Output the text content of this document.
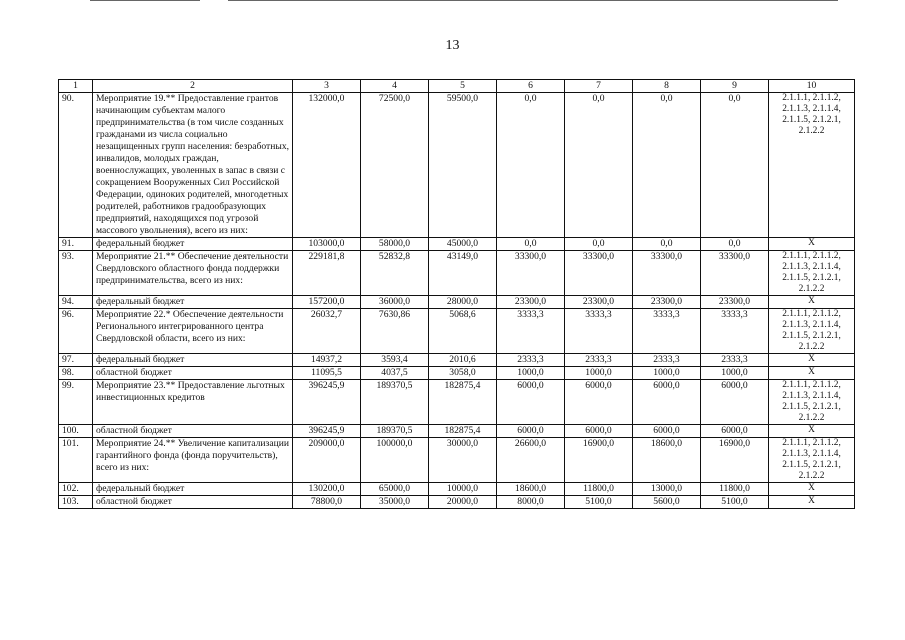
13
1	2	3	4	5	6	7	8	9	10
90.	Мероприятие 19.** Предоставление грантов начинающим субъектам малого предпринимательства (в том числе созданных гражданами из числа социально незащищенных групп населения: безработных, инвалидов, молодых граждан, военнослужащих, уволенных в запас в связи с сокращением Вооруженных Сил Российской Федерации, одиноких родителей, многодетных родителей, работников градообразующих предприятий, находящихся под угрозой массового увольнения), всего из них:	132000,0	72500,0	59500,0	0,0	0,0	0,0	0,0	2.1.1.1, 2.1.1.2, 2.1.1.3, 2.1.1.4, 2.1.1.5, 2.1.2.1, 2.1.2.2
91.	федеральный бюджет	103000,0	58000,0	45000,0	0,0	0,0	0,0	0,0	X
93.	Мероприятие 21.** Обеспечение деятельности Свердловского областного фонда поддержки предпринимательства, всего из них:	229181,8	52832,8	43149,0	33300,0	33300,0	33300,0	33300,0	2.1.1.1, 2.1.1.2, 2.1.1.3, 2.1.1.4, 2.1.1.5, 2.1.2.1, 2.1.2.2
94.	федеральный бюджет	157200,0	36000,0	28000,0	23300,0	23300,0	23300,0	23300,0	X
96.	Мероприятие 22.* Обеспечение деятельности Регионального интегрированного центра Свердловской области, всего из них:	26032,7	7630,86	5068,6	3333,3	3333,3	3333,3	3333,3	2.1.1.1, 2.1.1.2, 2.1.1.3, 2.1.1.4, 2.1.1.5, 2.1.2.1, 2.1.2.2
97.	федеральный бюджет	14937,2	3593,4	2010,6	2333,3	2333,3	2333,3	2333,3	X
98.	областной бюджет	11095,5	4037,5	3058,0	1000,0	1000,0	1000,0	1000,0	X
99.	Мероприятие 23.** Предоставление льготных инвестиционных кредитов	396245,9	189370,5	182875,4	6000,0	6000,0	6000,0	6000,0	2.1.1.1, 2.1.1.2, 2.1.1.3, 2.1.1.4, 2.1.1.5, 2.1.2.1, 2.1.2.2
100.	областной бюджет	396245,9	189370,5	182875,4	6000,0	6000,0	6000,0	6000,0	X
101.	Мероприятие 24.** Увеличение капитализации гарантийного фонда (фонда поручительств), всего из них:	209000,0	100000,0	30000,0	26600,0	16900,0	18600,0	16900,0	2.1.1.1, 2.1.1.2, 2.1.1.3, 2.1.1.4, 2.1.1.5, 2.1.2.1, 2.1.2.2
102.	федеральный бюджет	130200,0	65000,0	10000,0	18600,0	11800,0	13000,0	11800,0	X
103.	областной бюджет	78800,0	35000,0	20000,0	8000,0	5100,0	5600,0	5100,0	X
